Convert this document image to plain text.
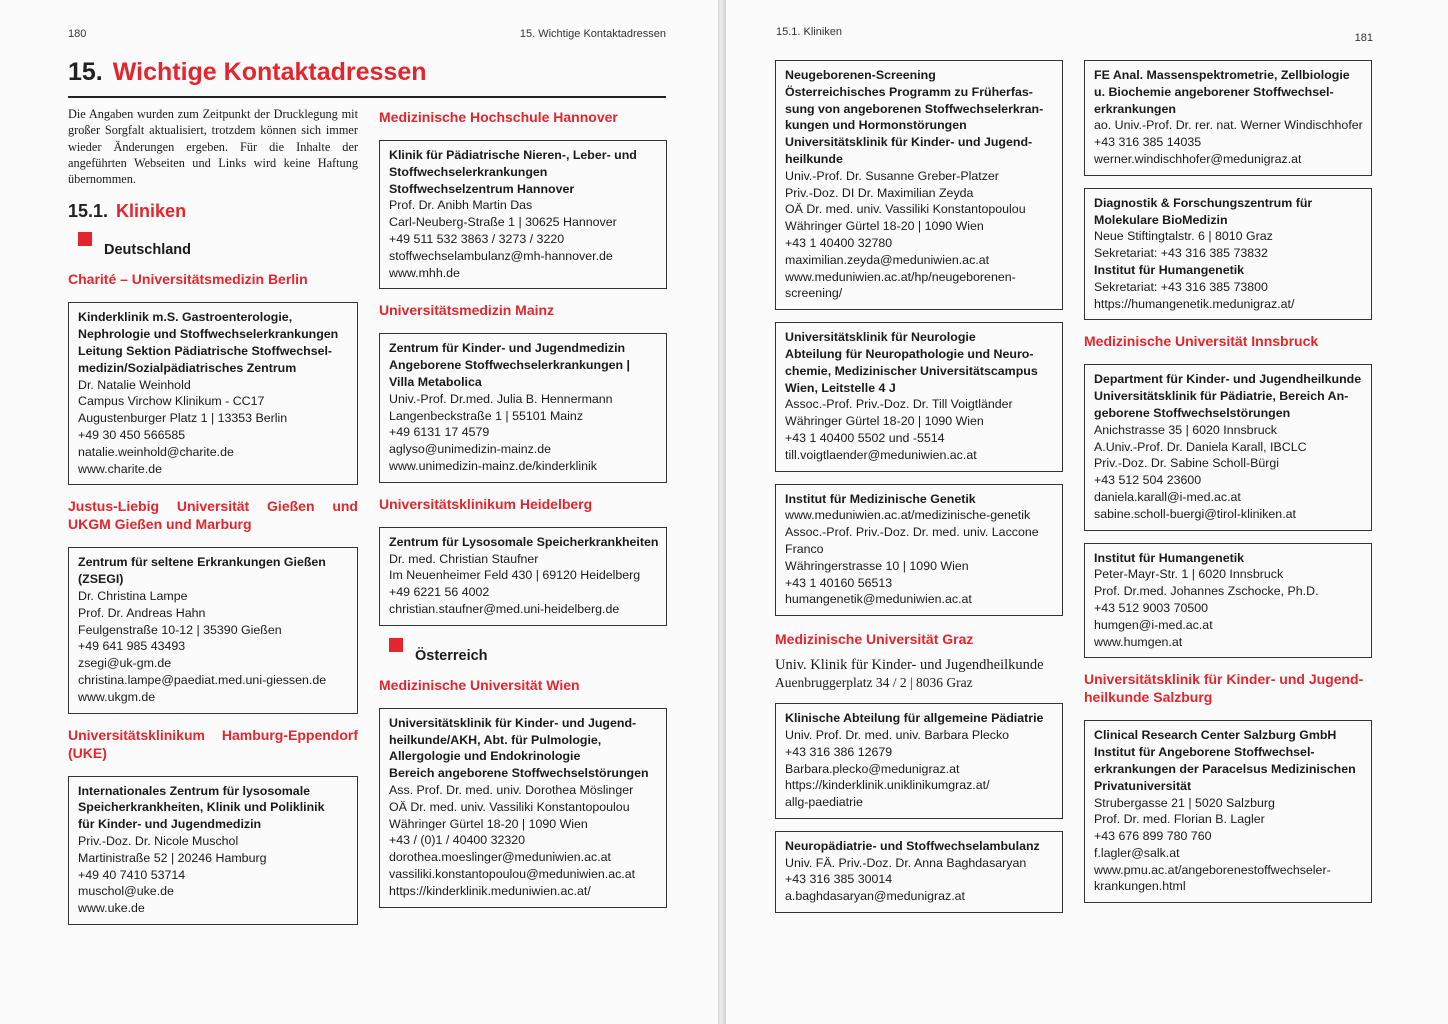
180	15. Wichtige Kontaktadressen
15. Wichtige Kontaktadressen

Die Angaben wurden zum Zeitpunkt der Drucklegung mit großer Sorgfalt aktualisiert, trotzdem können sich immer wieder Änderungen ergeben. Für die Inhalte der angeführten Webseiten und Links wird keine Haftung übernommen.

15.1. Kliniken
Deutschland
Charité – Universitätsmedizin Berlin
Kinderklinik m.S. Gastroenterologie,
Nephrologie und Stoffwechselerkrankungen
Leitung Sektion Pädiatrische Stoffwechsel-
medizin/Sozialpädiatrisches Zentrum
Dr. Natalie Weinhold
Campus Virchow Klinikum - CC17
Augustenburger Platz 1 | 13353 Berlin
+49 30 450 566585
natalie.weinhold@charite.de
www.charite.de
Justus-Liebig Universität Gießen und UKGM Gießen und Marburg
Zentrum für seltene Erkrankungen Gießen
(ZSEGI)
Dr. Christina Lampe
Prof. Dr. Andreas Hahn
Feulgenstraße 10-12 | 35390 Gießen
+49 641 985 43493
zsegi@uk-gm.de
christina.lampe@paediat.med.uni-giessen.de
www.ukgm.de
Universitätsklinikum Hamburg-Eppendorf (UKE)
Internationales Zentrum für lysosomale
Speicherkrankheiten, Klinik und Poliklinik
für Kinder- und Jugendmedizin
Priv.-Doz. Dr. Nicole Muschol
Martinistraße 52 | 20246 Hamburg
+49 40 7410 53714
muschol@uke.de
www.uke.de
Medizinische Hochschule Hannover
Klinik für Pädiatrische Nieren-, Leber- und
Stoffwechselerkrankungen
Stoffwechselzentrum Hannover
Prof. Dr. Anibh Martin Das
Carl-Neuberg-Straße 1 | 30625 Hannover
+49 511 532 3863 / 3273 / 3220
stoffwechselambulanz@mh-hannover.de
www.mhh.de
Universitätsmedizin Mainz
Zentrum für Kinder- und Jugendmedizin
Angeborene Stoffwechselerkrankungen |
Villa Metabolica
Univ.-Prof. Dr.med. Julia B. Hennermann
Langenbeckstraße 1 | 55101 Mainz
+49 6131 17 4579
aglyso@unimedizin-mainz.de
www.unimedizin-mainz.de/kinderklinik
Universitätsklinikum Heidelberg
Zentrum für Lysosomale Speicherkrankheiten
Dr. med. Christian Staufner
Im Neuenheimer Feld 430 | 69120 Heidelberg
+49 6221 56 4002
christian.staufner@med.uni-heidelberg.de
Österreich
Medizinische Universität Wien
Universitätsklinik für Kinder- und Jugend-
heilkunde/AKH, Abt. für Pulmologie,
Allergologie und Endokrinologie
Bereich angeborene Stoffwechselstörungen
Ass. Prof. Dr. med. univ. Dorothea Möslinger
OÄ Dr. med. univ. Vassiliki Konstantopoulou
Währinger Gürtel 18-20 | 1090 Wien
+43 / (0)1 / 40400 32320
dorothea.moeslinger@meduniwien.ac.at
vassiliki.konstantopoulou@meduniwien.ac.at
https://kinderklinik.meduniwien.ac.at/
15.1. Kliniken	181
Neugeborenen-Screening
Österreichisches Programm zu Früherfas-
sung von angeborenen Stoffwechselerkran-
kungen und Hormonstörungen
Universitätsklinik für Kinder- und Jugend-
heilkunde
Univ.-Prof. Dr. Susanne Greber-Platzer
Priv.-Doz. DI Dr. Maximilian Zeyda
OÄ Dr. med. univ. Vassiliki Konstantopoulou
Währinger Gürtel 18-20 | 1090 Wien
+43 1 40400 32780
maximilian.zeyda@meduniwien.ac.at
www.meduniwien.ac.at/hp/neugeborenen-
screening/
Universitätsklinik für Neurologie
Abteilung für Neuropathologie und Neuro-
chemie, Medizinischer Universitätscampus
Wien, Leitstelle 4 J
Assoc.-Prof. Priv.-Doz. Dr. Till Voigtländer
Währinger Gürtel 18-20 | 1090 Wien
+43 1 40400 5502 und -5514
till.voigtlaender@meduniwien.ac.at
Institut für Medizinische Genetik
www.meduniwien.ac.at/medizinische-genetik
Assoc.-Prof. Priv.-Doz. Dr. med. univ. Laccone
Franco
Währingerstrasse 10 | 1090 Wien
+43 1 40160 56513
humangenetik@meduniwien.ac.at
Medizinische Universität Graz
Univ. Klinik für Kinder- und Jugendheilkunde
Auenbruggerplatz 34 / 2 | 8036 Graz
Klinische Abteilung für allgemeine Pädiatrie
Univ. Prof. Dr. med. univ. Barbara Plecko
+43 316 386 12679
Barbara.plecko@medunigraz.at
https://kinderklinik.uniklinikumgraz.at/
allg-paediatrie
Neuropädiatrie- und Stoffwechselambulanz
Univ. FÄ. Priv.-Doz. Dr. Anna Baghdasaryan
+43 316 385 30014
a.baghdasaryan@medunigraz.at
FE Anal. Massenspektrometrie, Zellbiologie
u. Biochemie angeborener Stoffwechsel-
erkrankungen
ao. Univ.-Prof. Dr. rer. nat. Werner Windischhofer
+43 316 385 14035
werner.windischhofer@medunigraz.at
Diagnostik & Forschungszentrum für
Molekulare BioMedizin
Neue Stiftingtalstr. 6 | 8010 Graz
Sekretariat: +43 316 385 73832
Institut für Humangenetik
Sekretariat: +43 316 385 73800
https://humangenetik.medunigraz.at/
Medizinische Universität Innsbruck
Department für Kinder- und Jugendheilkunde
Universitätsklinik für Pädiatrie, Bereich An-
geborene Stoffwechselstörungen
Anichstrasse 35 | 6020 Innsbruck
A.Univ.-Prof. Dr. Daniela Karall, IBCLC
Priv.-Doz. Dr. Sabine Scholl-Bürgi
+43 512 504 23600
daniela.karall@i-med.ac.at
sabine.scholl-buergi@tirol-kliniken.at
Institut für Humangenetik
Peter-Mayr-Str. 1 | 6020 Innsbruck
Prof. Dr.med. Johannes Zschocke, Ph.D.
+43 512 9003 70500
humgen@i-med.ac.at
www.humgen.at
Universitätsklinik für Kinder- und Jugend-heilkunde Salzburg
Clinical Research Center Salzburg GmbH
Institut für Angeborene Stoffwechsel-
erkrankungen der Paracelsus Medizinischen
Privatuniversität
Strubergasse 21 | 5020 Salzburg
Prof. Dr. med. Florian B. Lagler
+43 676 899 780 760
f.lagler@salk.at
www.pmu.ac.at/angeborenestoffwechseler-
krankungen.html
